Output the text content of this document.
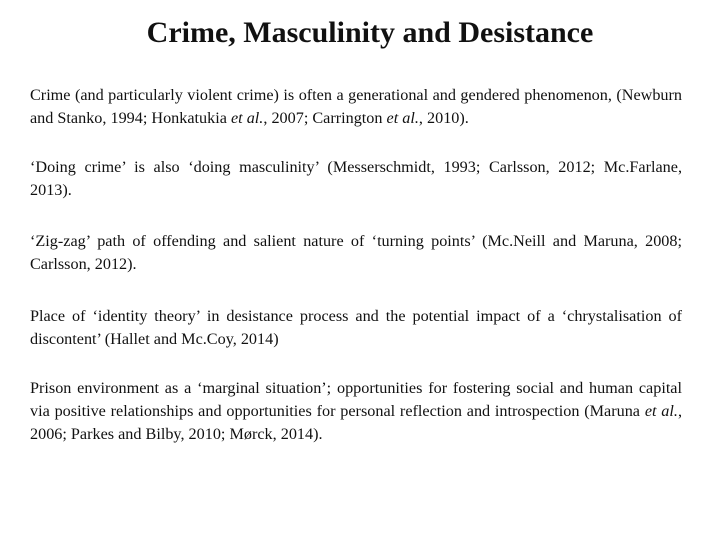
Crime, Masculinity and Desistance

Crime (and particularly violent crime) is often a generational and gendered phenomenon, (Newburn and Stanko, 1994; Honkatukia et al., 2007; Carrington et al., 2010).

‘Doing crime’ is also ‘doing masculinity’ (Messerschmidt, 1993; Carlsson, 2012; Mc.Farlane, 2013).

‘Zig-zag’ path of offending and salient nature of ‘turning points’ (Mc.Neill and Maruna, 2008; Carlsson, 2012).

Place of ‘identity theory’ in desistance process and the potential impact of a ‘chrystalisation of discontent’ (Hallet and Mc.Coy, 2014)

Prison environment as a ‘marginal situation’; opportunities for fostering social and human capital via positive relationships and opportunities for personal reflection and introspection (Maruna et al., 2006; Parkes and Bilby, 2010; Mørck, 2014).
